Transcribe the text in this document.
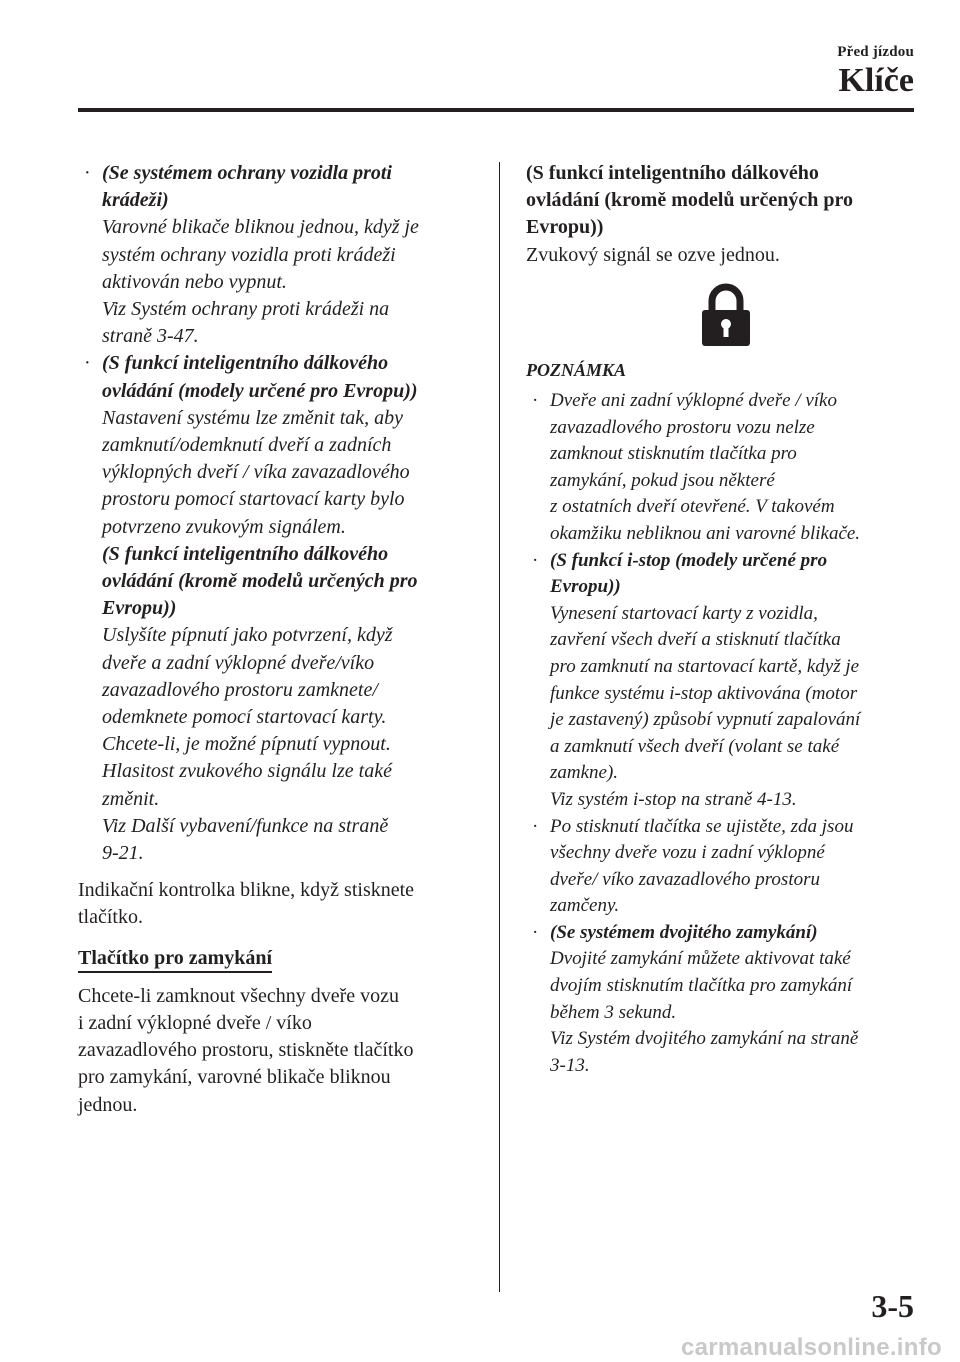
Před jízdou
Klíče
· (Se systémem ochrany vozidla proti
krádeži)
Varovné blikače bliknou jednou, když je
systém ochrany vozidla proti krádeži
aktivován nebo vypnut.
Viz Systém ochrany proti krádeži na
straně 3-47.
· (S funkcí inteligentního dálkového
ovládání (modely určené pro Evropu))
Nastavení systému lze změnit tak, aby
zamknutí/odemknutí dveří a zadních
výklopných dveří / víka zavazadlového
prostoru pomocí startovací karty bylo
potvrzeno zvukovým signálem.
(S funkcí inteligentního dálkového
ovládání (kromě modelů určených pro
Evropu))
Uslyšíte pípnutí jako potvrzení, když
dveře a zadní výklopné dveře/víko
zavazadlového prostoru zamknete/
odemknete pomocí startovací karty.
Chcete-li, je možné pípnutí vypnout.
Hlasitost zvukového signálu lze také
změnit.
Viz Další vybavení/funkce na straně
9-21.
Indikační kontrolka blikne, když stisknete
tlačítko.
Tlačítko pro zamykání
Chcete-li zamknout všechny dveře vozu
i zadní výklopné dveře / víko
zavazadlového prostoru, stiskněte tlačítko
pro zamykání, varovné blikače bliknou
jednou.
(S funkcí inteligentního dálkového
ovládání (kromě modelů určených pro
Evropu))
Zvukový signál se ozve jednou.
POZNÁMKA
· Dveře ani zadní výklopné dveře / víko
zavazadlového prostoru vozu nelze
zamknout stisknutím tlačítka pro
zamykání, pokud jsou některé
z ostatních dveří otevřené. V takovém
okamžiku nebliknou ani varovné blikače.
· (S funkcí i-stop (modely určené pro
Evropu))
Vynesení startovací karty z vozidla,
zavření všech dveří a stisknutí tlačítka
pro zamknutí na startovací kartě, když je
funkce systému i-stop aktivována (motor
je zastavený) způsobí vypnutí zapalování
a zamknutí všech dveří (volant se také
zamkne).
Viz systém i-stop na straně 4-13.
· Po stisknutí tlačítka se ujistěte, zda jsou
všechny dveře vozu i zadní výklopné
dveře/ víko zavazadlového prostoru
zamčeny.
· (Se systémem dvojitého zamykání)
Dvojité zamykání můžete aktivovat také
dvojím stisknutím tlačítka pro zamykání
během 3 sekund.
Viz Systém dvojitého zamykání na straně
3-13.
3-5
carmanualsonline.info
